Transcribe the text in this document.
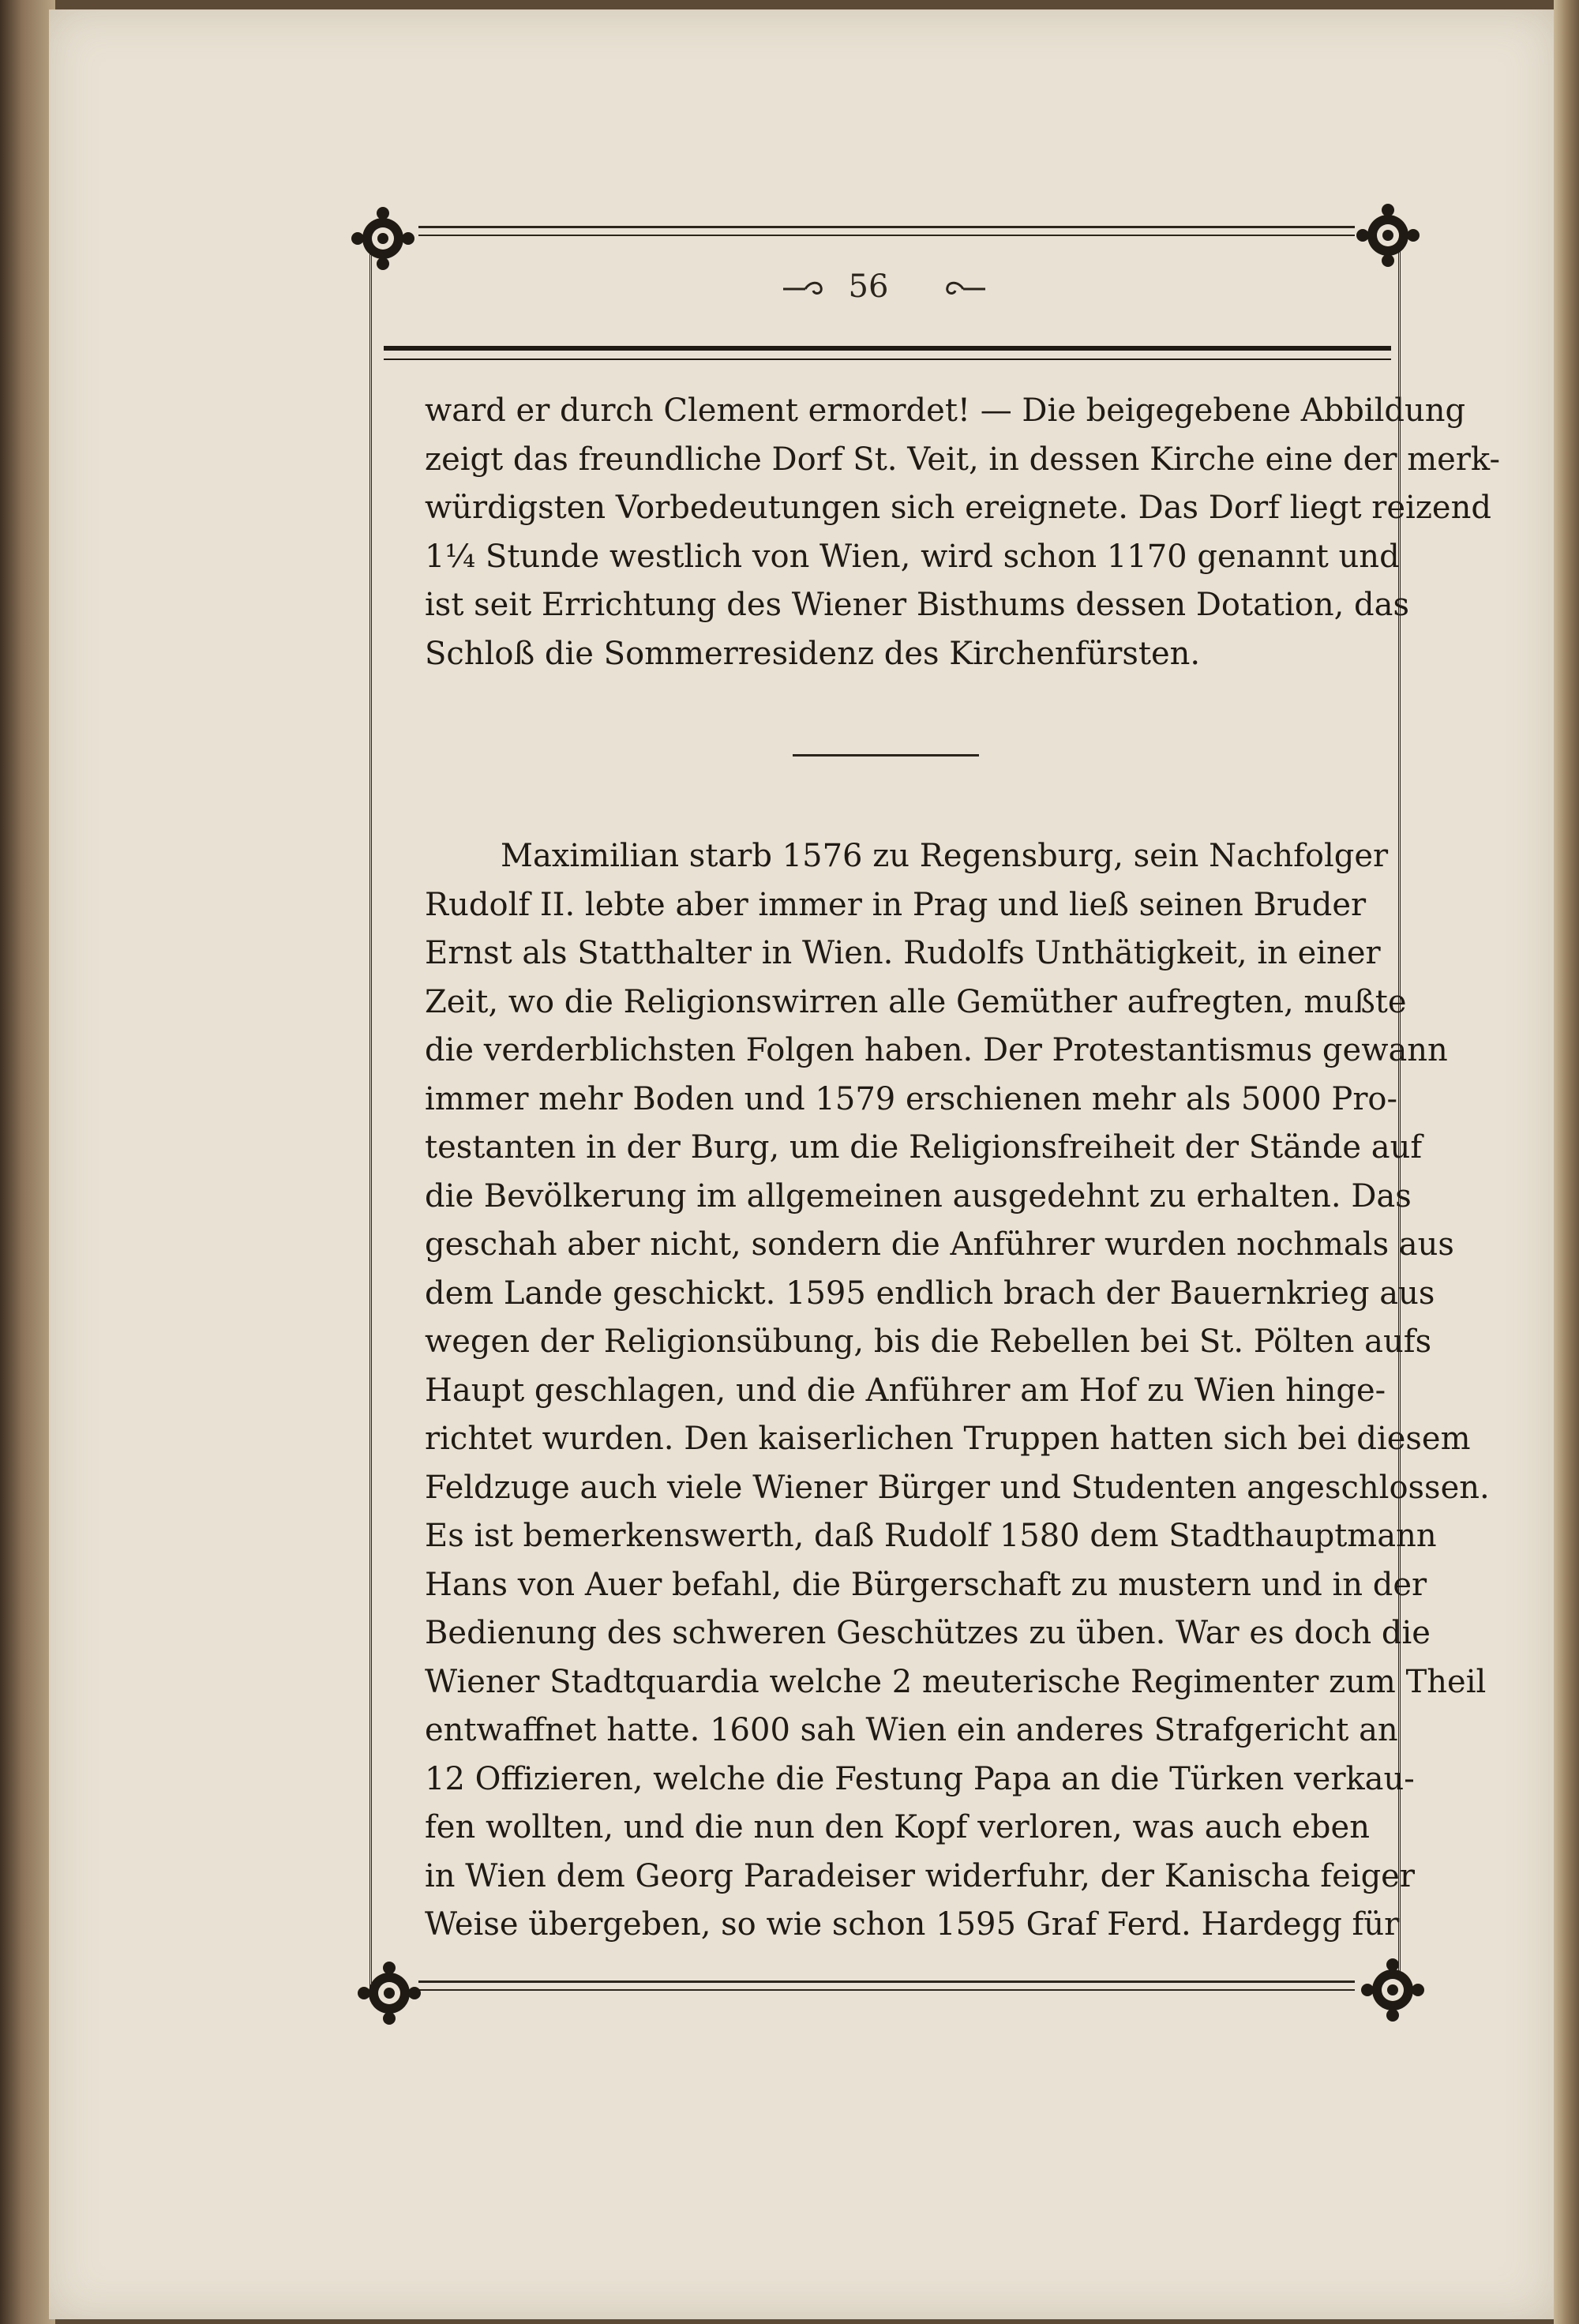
56
ward er durch Clement ermordet! — Die beigegebene Abbildung
zeigt das freundliche Dorf St. Veit, in dessen Kirche eine der merk-
würdigsten Vorbedeutungen sich ereignete. Das Dorf liegt reizend
1¹⁄₄ Stunde westlich von Wien, wird schon 1170 genannt und
ist seit Errichtung des Wiener Bisthums dessen Dotation, das
Schloß die Sommerresidenz des Kirchenfürsten.
Maximilian starb 1576 zu Regensburg, sein Nachfolger
Rudolf II. lebte aber immer in Prag und ließ seinen Bruder
Ernst als Statthalter in Wien. Rudolfs Unthätigkeit, in einer
Zeit, wo die Religionswirren alle Gemüther aufregten, mußte
die verderblichsten Folgen haben. Der Protestantismus gewann
immer mehr Boden und 1579 erschienen mehr als 5000 Pro-
testanten in der Burg, um die Religionsfreiheit der Stände auf
die Bevölkerung im allgemeinen ausgedehnt zu erhalten. Das
geschah aber nicht, sondern die Anführer wurden nochmals aus
dem Lande geschickt. 1595 endlich brach der Bauernkrieg aus
wegen der Religionsübung, bis die Rebellen bei St. Pölten aufs
Haupt geschlagen, und die Anführer am Hof zu Wien hinge-
richtet wurden. Den kaiserlichen Truppen hatten sich bei diesem
Feldzuge auch viele Wiener Bürger und Studenten angeschlossen.
Es ist bemerkenswerth, daß Rudolf 1580 dem Stadthauptmann
Hans von Auer befahl, die Bürgerschaft zu mustern und in der
Bedienung des schweren Geschützes zu üben. War es doch die
Wiener Stadtquardia welche 2 meuterische Regimenter zum Theil
entwaffnet hatte. 1600 sah Wien ein anderes Strafgericht an
12 Offizieren, welche die Festung Papa an die Türken verkau-
fen wollten, und die nun den Kopf verloren, was auch eben
in Wien dem Georg Paradeiser widerfuhr, der Kanischa feiger
Weise übergeben, so wie schon 1595 Graf Ferd. Hardegg für
